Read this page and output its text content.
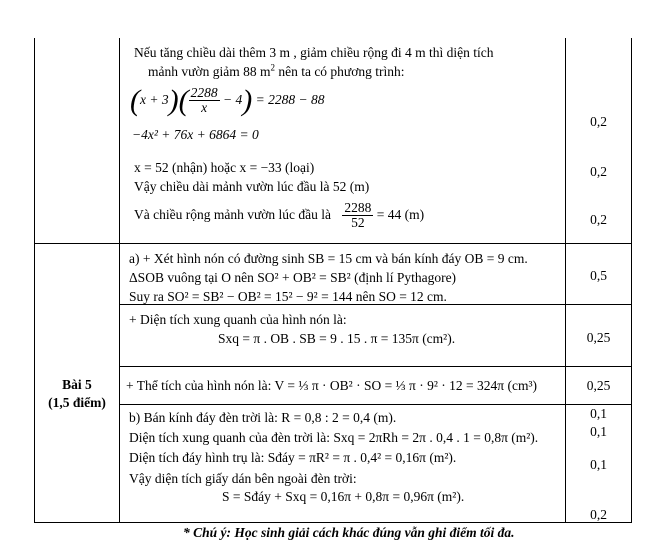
Nếu tăng chiều dài thêm 3 m , giảm chiều rộng đi 4 m thì diện tích
mảnh vườn giảm 88 $m^2$ nên ta có phương trình:
$(x + 3)( \frac{2288}{x} - 4) = 2288 - 88$
−4x² + 76x + 6864 = 0
x = 52 (nhận) hoặc x = −33 (loại)
Vậy chiều dài mảnh vườn lúc đầu là 52 (m)
Và chiều rộng mảnh vườn lúc đầu là $\frac{2288}{52} = 44$ (m)
0,2
0,2
0,2
Bài 5
(1,5 điểm)
a) + Xét hình nón có đường sinh SB = 15 cm và bán kính đáy OB = 9 cm.
ΔSOB vuông tại O nên SO² + OB² = SB² (định lí Pythagore)
Suy ra SO² = SB² − OB² = 15² − 9² = 144 nên SO = 12 cm.
0,5
+ Diện tích xung quanh của hình nón là:
Sxq = π . OB . SB = 9 . 15 . π = 135π (cm²).	0,25
+ Thể tích của hình nón là: V = ⅓ π · OB² · SO = ⅓ π · 9² · 12 = 324π (cm³)	0,25
b) Bán kính đáy đèn trời là: R = 0,8 : 2 = 0,4 (m).
Diện tích xung quanh của đèn trời là: Sxq = 2πRh = 2π . 0,4 . 1 = 0,8π (m²).
Diện tích đáy hình trụ là: Sđáy = πR² = π . 0,4² = 0,16π (m²).
Vậy diện tích giấy dán bên ngoài đèn trời:
S = Sđáy + Sxq = 0,16π + 0,8π = 0,96π (m²).
0,1
0,1
0,1
0,2
* Chú ý: Học sinh giải cách khác đúng vẫn ghi điểm tối đa.
